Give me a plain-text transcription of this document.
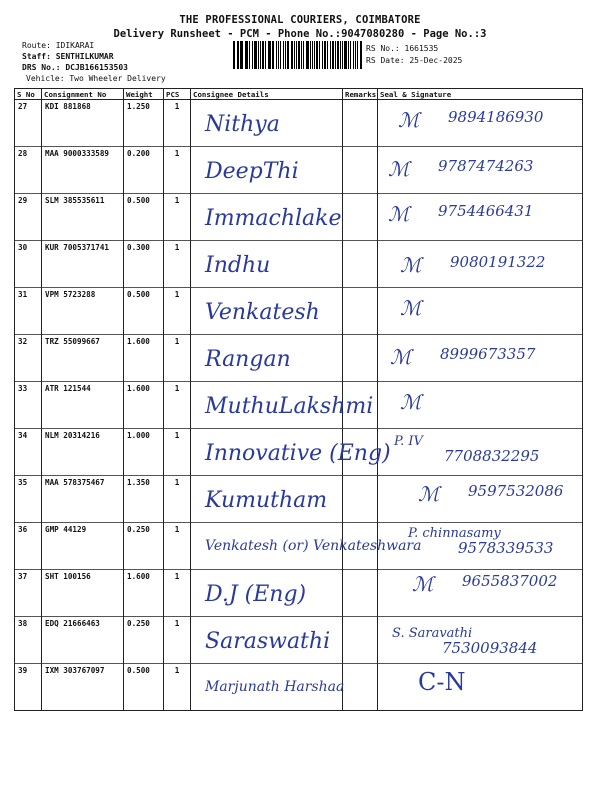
THE PROFESSIONAL COURIERS, COIMBATORE
Delivery Runsheet - PCM - Phone No.:9047080280 - Page No.:3
Route: IDIKARAI
Staff: SENTHILKUMAR
DRS No.: DCJB166153503
Vehicle: Two Wheeler Delivery
RS No.: 1661535
RS Date: 25-Dec-2025
S No	Consignment No	Weight	PCS	Consignee Details	Remarks	Seal & Signature
27	KDI 881868	1.250	1	Nithya		9894186930
ℳ

28	MAA 9000333589	0.200	1	DeepThi		9787474263
ℳ

29	SLM 385535611	0.500	1	Immachlake		9754466431
ℳ

30	KUR 7005371741	0.300	1	Indhu		9080191322
ℳ

31	VPM 5723288	0.500	1	Venkatesh		ℳ

32	TRZ 55099667	1.600	1	Rangan		8999673357
ℳ

33	ATR 121544	1.600	1	MuthuLakshmi		ℳ

34	NLM 20314216	1.000	1	Innovative (Eng)		P. IV
7708832295

35	MAA 578375467	1.350	1	Kumutham		9597532086
ℳ

36	GMP 44129	0.250	1	Venkatesh (or) Venkateshwara		P. chinnasamy
9578339533

37	SHT 100156	1.600	1	D.J (Eng)		9655837002
ℳ

38	EDQ 21666463	0.250	1	Saraswathi		S. Saravathi
7530093844

39	IXM 303767097	0.500	1	Marjunath Harshaa		C-N
